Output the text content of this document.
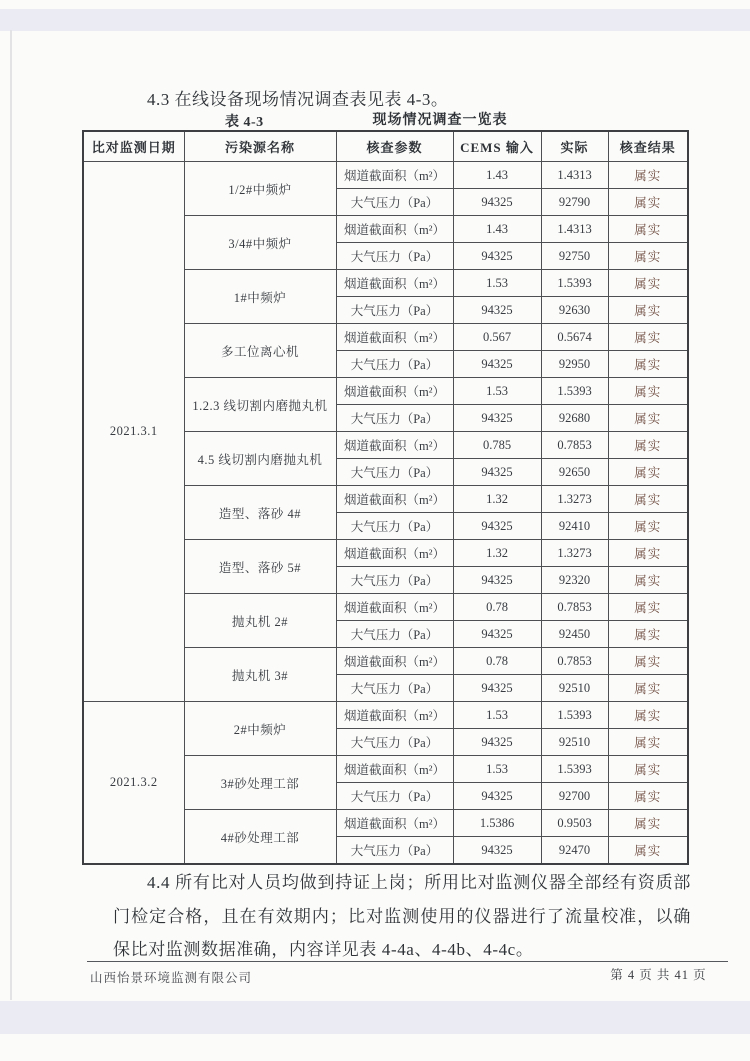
4.3 在线设备现场情况调查表见表 4-3。
表 4-3	现场情况调查一览表
比对监测日期	污染源名称	核查参数	CEMS 输入	实际	核查结果
2021.3.1	1/2#中频炉	烟道截面积（m²）	1.43	1.4313	属实
		大气压力（Pa）	94325	92790	属实
	3/4#中频炉	烟道截面积（m²）	1.43	1.4313	属实
		大气压力（Pa）	94325	92750	属实
	1#中频炉	烟道截面积（m²）	1.53	1.5393	属实
		大气压力（Pa）	94325	92630	属实
	多工位离心机	烟道截面积（m²）	0.567	0.5674	属实
		大气压力（Pa）	94325	92950	属实
	1.2.3 线切割内磨抛丸机	烟道截面积（m²）	1.53	1.5393	属实
		大气压力（Pa）	94325	92680	属实
	4.5 线切割内磨抛丸机	烟道截面积（m²）	0.785	0.7853	属实
		大气压力（Pa）	94325	92650	属实
	造型、落砂 4#	烟道截面积（m²）	1.32	1.3273	属实
		大气压力（Pa）	94325	92410	属实
	造型、落砂 5#	烟道截面积（m²）	1.32	1.3273	属实
		大气压力（Pa）	94325	92320	属实
	抛丸机 2#	烟道截面积（m²）	0.78	0.7853	属实
		大气压力（Pa）	94325	92450	属实
	抛丸机 3#	烟道截面积（m²）	0.78	0.7853	属实
		大气压力（Pa）	94325	92510	属实
2021.3.2	2#中频炉	烟道截面积（m²）	1.53	1.5393	属实
		大气压力（Pa）	94325	92510	属实
	3#砂处理工部	烟道截面积（m²）	1.53	1.5393	属实
		大气压力（Pa）	94325	92700	属实
	4#砂处理工部	烟道截面积（m²）	1.5386	0.9503	属实
		大气压力（Pa）	94325	92470	属实
4.4 所有比对人员均做到持证上岗；所用比对监测仪器全部经有资质部门检定合格，且在有效期内；比对监测使用的仪器进行了流量校准，以确保比对监测数据准确，内容详见表 4-4a、4-4b、4-4c。
山西怡景环境监测有限公司	第 4 页 共 41 页
